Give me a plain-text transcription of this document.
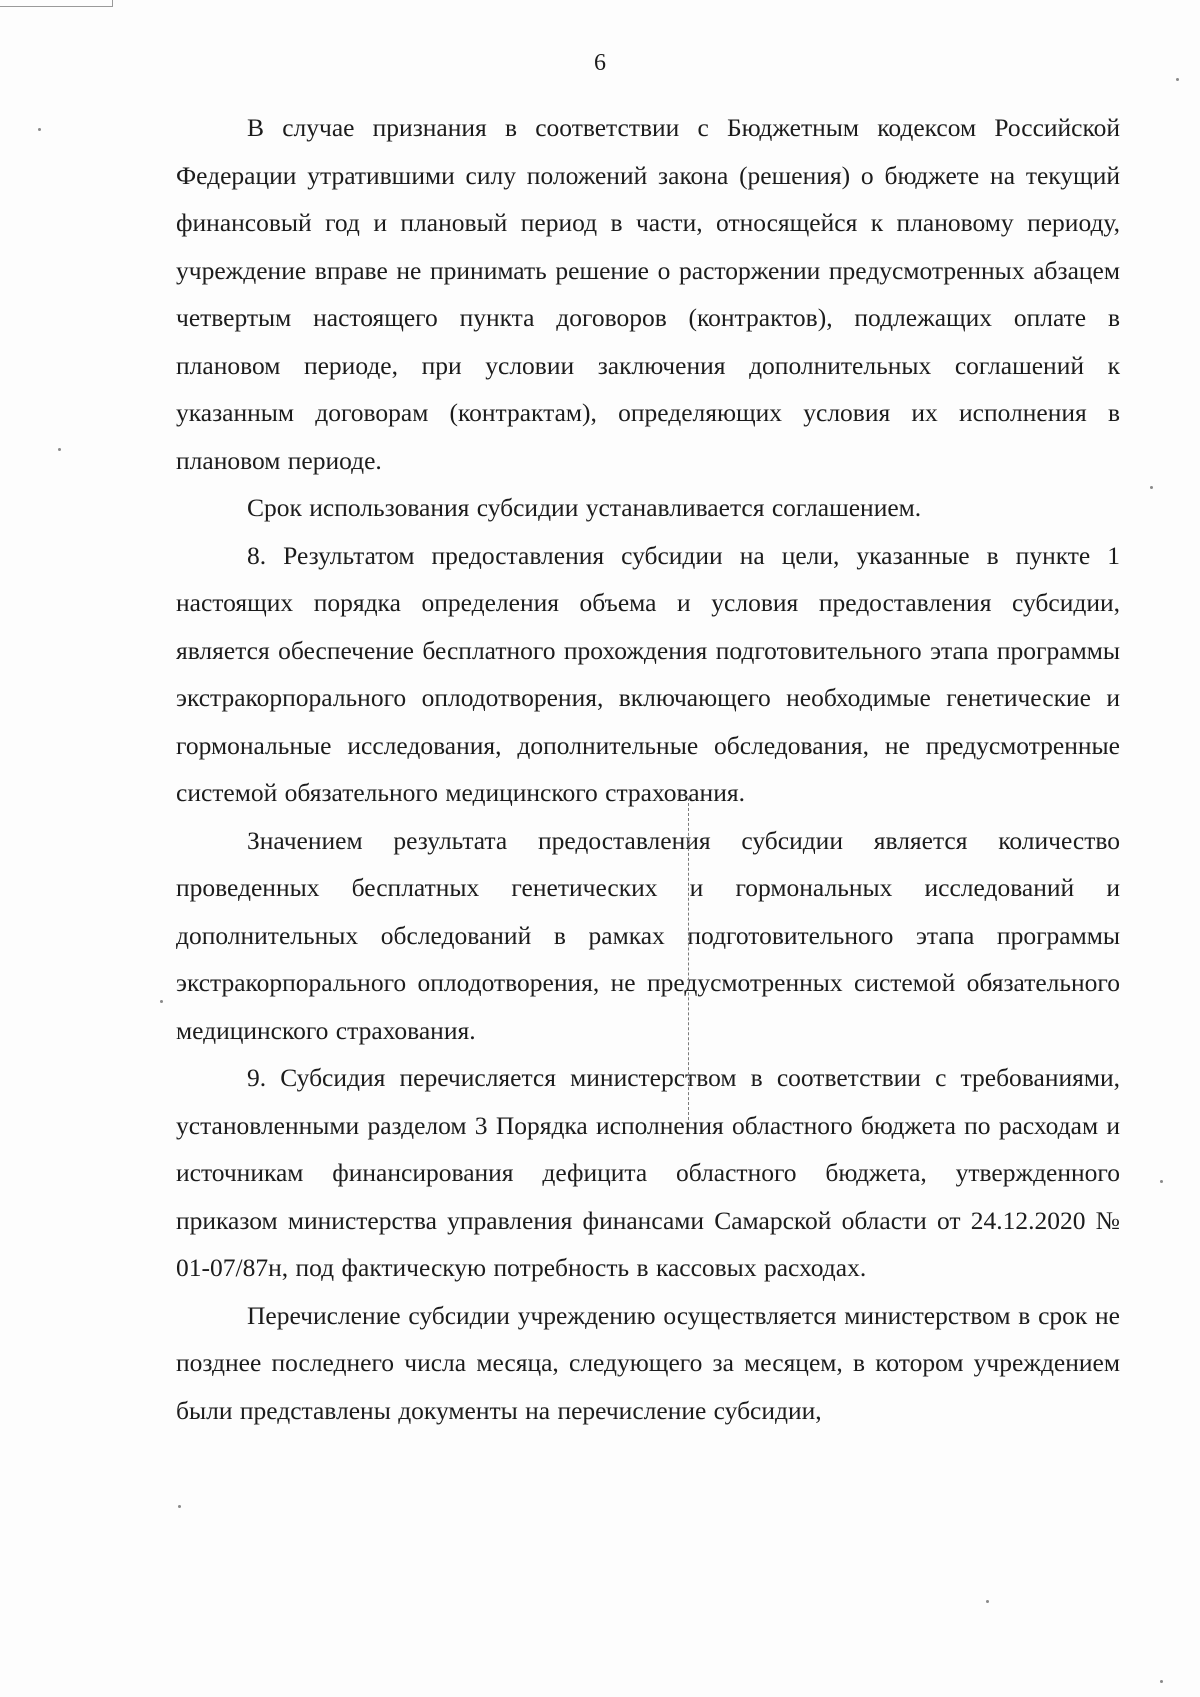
6

В случае признания в соответствии с Бюджетным кодексом Российской Федерации утратившими силу положений закона (решения) о бюджете на текущий финансовый год и плановый период в части, относящейся к плановому периоду, учреждение вправе не принимать решение о расторжении предусмотренных абзацем четвертым настоящего пункта договоров (контрактов), подлежащих оплате в плановом периоде, при условии заключения дополнительных соглашений к указанным договорам (контрактам), определяющих условия их исполнения в плановом периоде.

Срок использования субсидии устанавливается соглашением.

8. Результатом предоставления субсидии на цели, указанные в пункте 1 настоящих порядка определения объема и условия предоставления субсидии, является обеспечение бесплатного прохождения подготовительного этапа программы экстракорпорального оплодотворения, включающего необходимые генетические и гормональные исследования, дополнительные обследования, не предусмотренные системой обязательного медицинского страхования.

Значением результата предоставления субсидии является количество проведенных бесплатных генетических и гормональных исследований и дополнительных обследований в рамках подготовительного этапа программы экстракорпорального оплодотворения, не предусмотренных системой обязательного медицинского страхования.

9. Субсидия перечисляется министерством в соответствии с требованиями, установленными разделом 3 Порядка исполнения областного бюджета по расходам и источникам финансирования дефицита областного бюджета, утвержденного приказом министерства управления финансами Самарской области от 24.12.2020 № 01-07/87н, под фактическую потребность в кассовых расходах.

Перечисление субсидии учреждению осуществляется министерством в срок не позднее последнего числа месяца, следующего за месяцем, в котором учреждением были представлены документы на перечисление субсидии,
